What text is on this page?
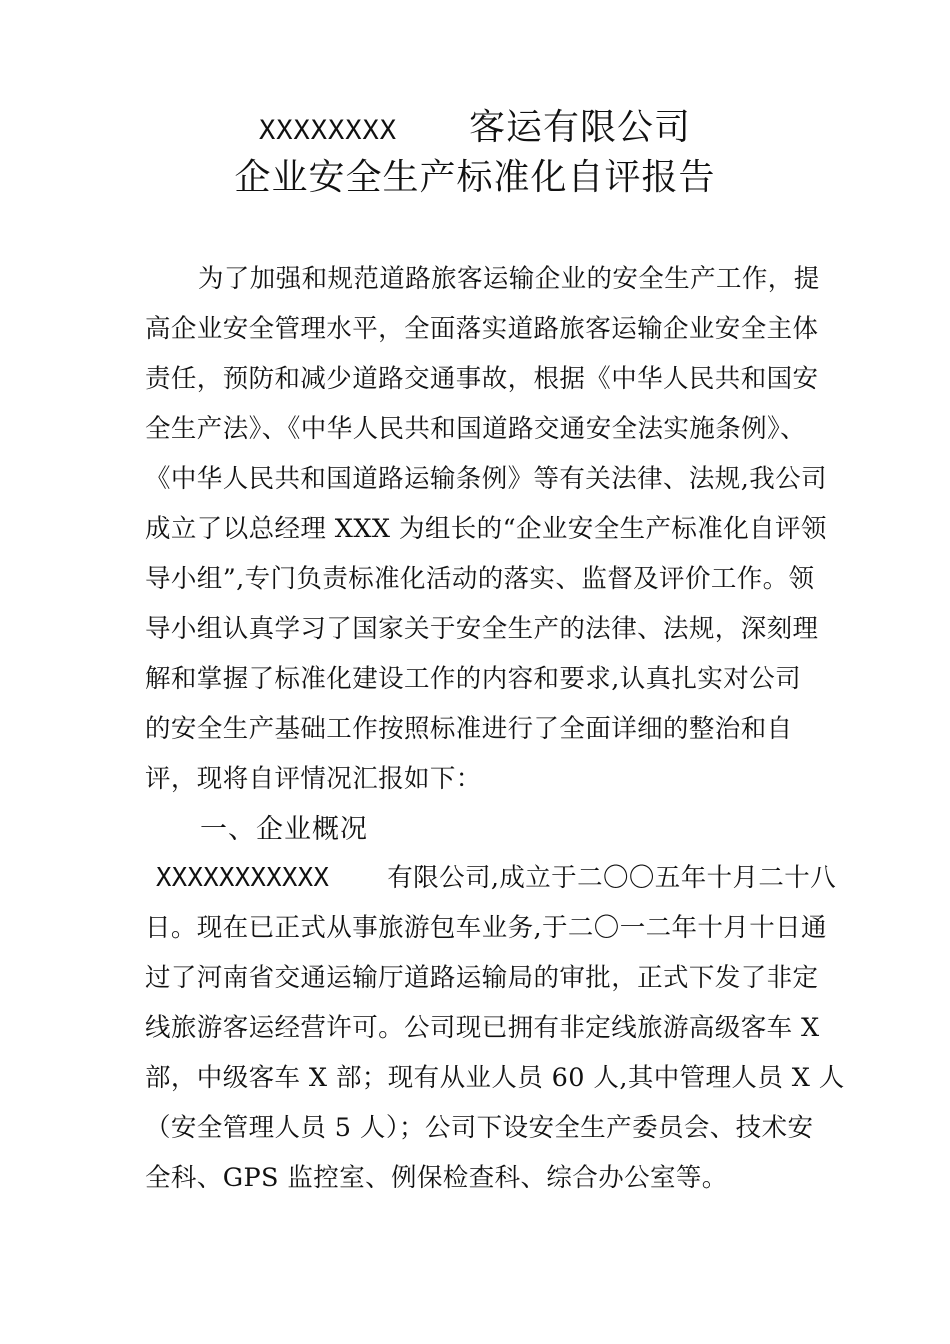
XXXXXXXX 客运有限公司
企业安全生产标准化自评报告
为了加强和规范道路旅客运输企业的安全生产工作，提
高企业安全管理水平，全面落实道路旅客运输企业安全主体
责任，预防和减少道路交通事故，根据《中华人民共和国安
全生产法》、《中华人民共和国道路交通安全法实施条例》、
《中华人民共和国道路运输条例》等有关法律、法规,我公司
成立了以总经理 XXX 为组长的“企业安全生产标准化自评领
导小组”,专门负责标准化活动的落实、监督及评价工作。领
导小组认真学习了国家关于安全生产的法律、法规，深刻理
解和掌握了标准化建设工作的内容和要求,认真扎实对公司
的安全生产基础工作按照标准进行了全面详细的整治和自
评，现将自评情况汇报如下：
一、企业概况
XXXXXXXXXXX 有限公司,成立于二〇〇五年十月二十八
日。现在已正式从事旅游包车业务,于二〇一二年十月十日通
过了河南省交通运输厅道路运输局的审批，正式下发了非定
线旅游客运经营许可。公司现已拥有非定线旅游高级客车 X
部，中级客车 X 部；现有从业人员 60 人,其中管理人员 X 人
（安全管理人员 5 人）；公司下设安全生产委员会、技术安
全科、GPS 监控室、例保检查科、综合办公室等。
